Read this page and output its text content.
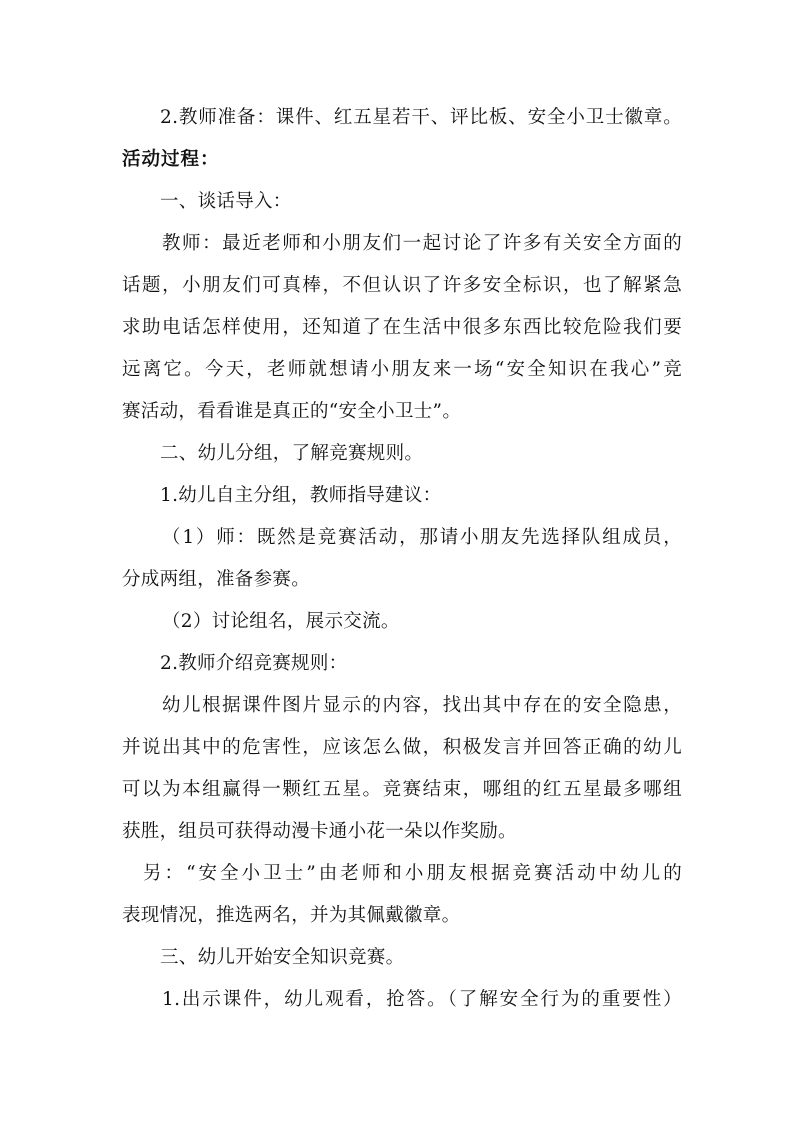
2.教师准备：课件、红五星若干、评比板、安全小卫士徽章。
活动过程：
一、谈话导入：
教师：最近老师和小朋友们一起讨论了许多有关安全方面的
话题，小朋友们可真棒，不但认识了许多安全标识，也了解紧急
求助电话怎样使用，还知道了在生活中很多东西比较危险我们要
远离它。今天，老师就想请小朋友来一场“安全知识在我心”竞
赛活动，看看谁是真正的“安全小卫士”。
二、幼儿分组，了解竞赛规则。
1.幼儿自主分组，教师指导建议：
（1）师：既然是竞赛活动，那请小朋友先选择队组成员，
分成两组，准备参赛。
（2）讨论组名，展示交流。
2.教师介绍竞赛规则：
幼儿根据课件图片显示的内容，找出其中存在的安全隐患，
并说出其中的危害性，应该怎么做，积极发言并回答正确的幼儿
可以为本组赢得一颗红五星。竞赛结束，哪组的红五星最多哪组
获胜，组员可获得动漫卡通小花一朵以作奖励。
另：“安全小卫士”由老师和小朋友根据竞赛活动中幼儿的
表现情况，推选两名，并为其佩戴徽章。
三、幼儿开始安全知识竞赛。
1.出示课件，幼儿观看，抢答。（了解安全行为的重要性）
